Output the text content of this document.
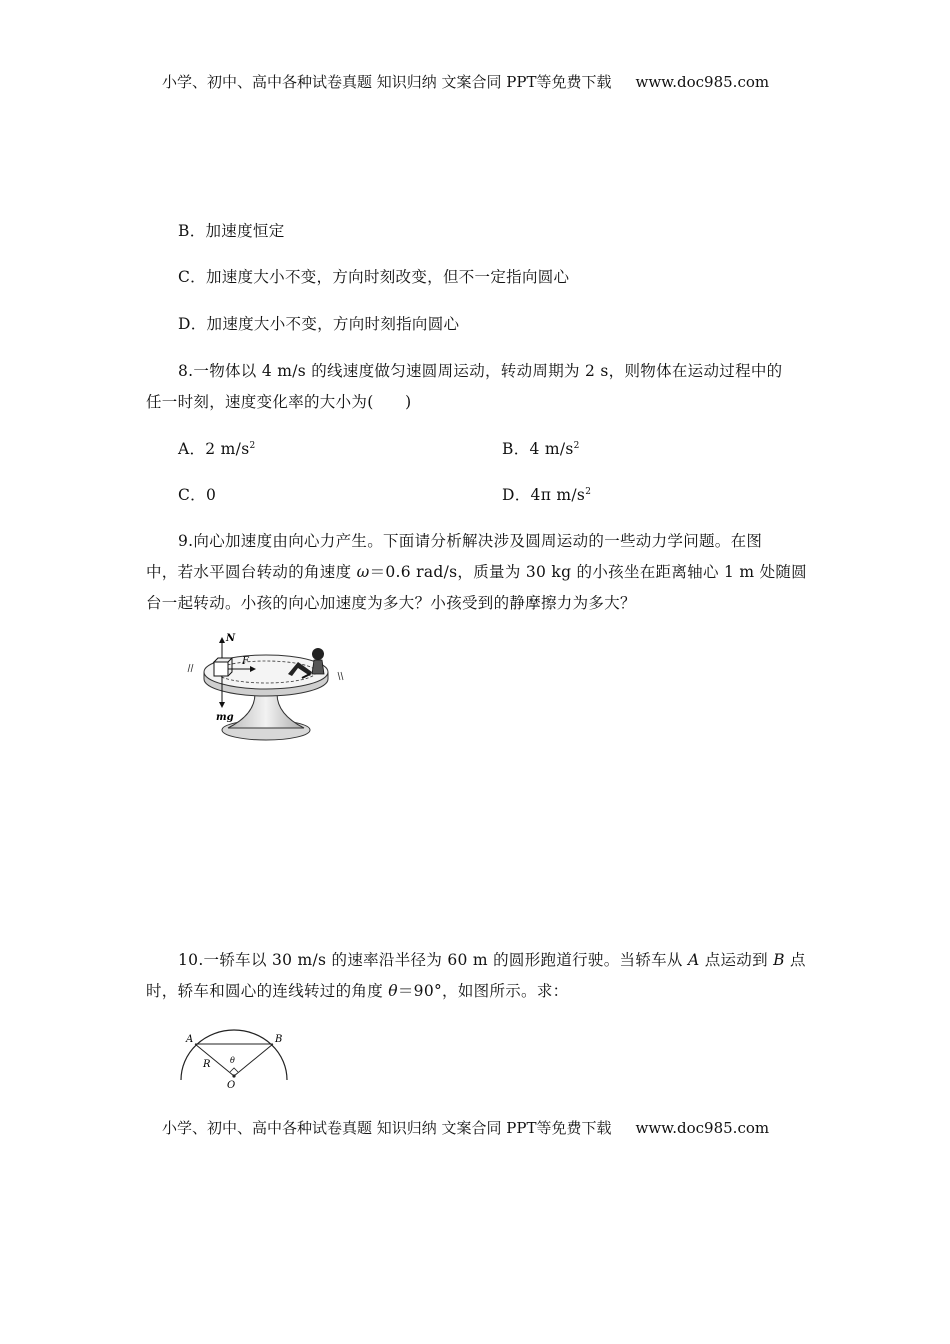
小学、初中、高中各种试卷真题 知识归纳 文案合同 PPT等免费下载 www.doc985.com
B．加速度恒定
C．加速度大小不变，方向时刻改变，但不一定指向圆心
D．加速度大小不变，方向时刻指向圆心
8.一物体以 4 m/s 的线速度做匀速圆周运动，转动周期为 2 s，则物体在运动过程中的
任一时刻，速度变化率的大小为(　　)
A．2 $m/s^2$	B．4 $m/s^2$
C．0	D．4π $m/s^2$
9.向心加速度由向心力产生。下面请分析解决涉及圆周运动的一些动力学问题。在图
中，若水平圆台转动的角速度 ω＝0.6 rad/s，质量为 30 kg 的小孩坐在距离轴心 1 m 处随圆
台一起转动。小孩的向心加速度为多大？小孩受到的静摩擦力为多大？
N
mg
F
10.一轿车以 30 m/s 的速率沿半径为 60 m 的圆形跑道行驶。当轿车从 A 点运动到 B 点
时，轿车和圆心的连线转过的角度 θ＝90°，如图所示。求：
A	B
R θ
O
小学、初中、高中各种试卷真题 知识归纳 文案合同 PPT等免费下载 www.doc985.com
